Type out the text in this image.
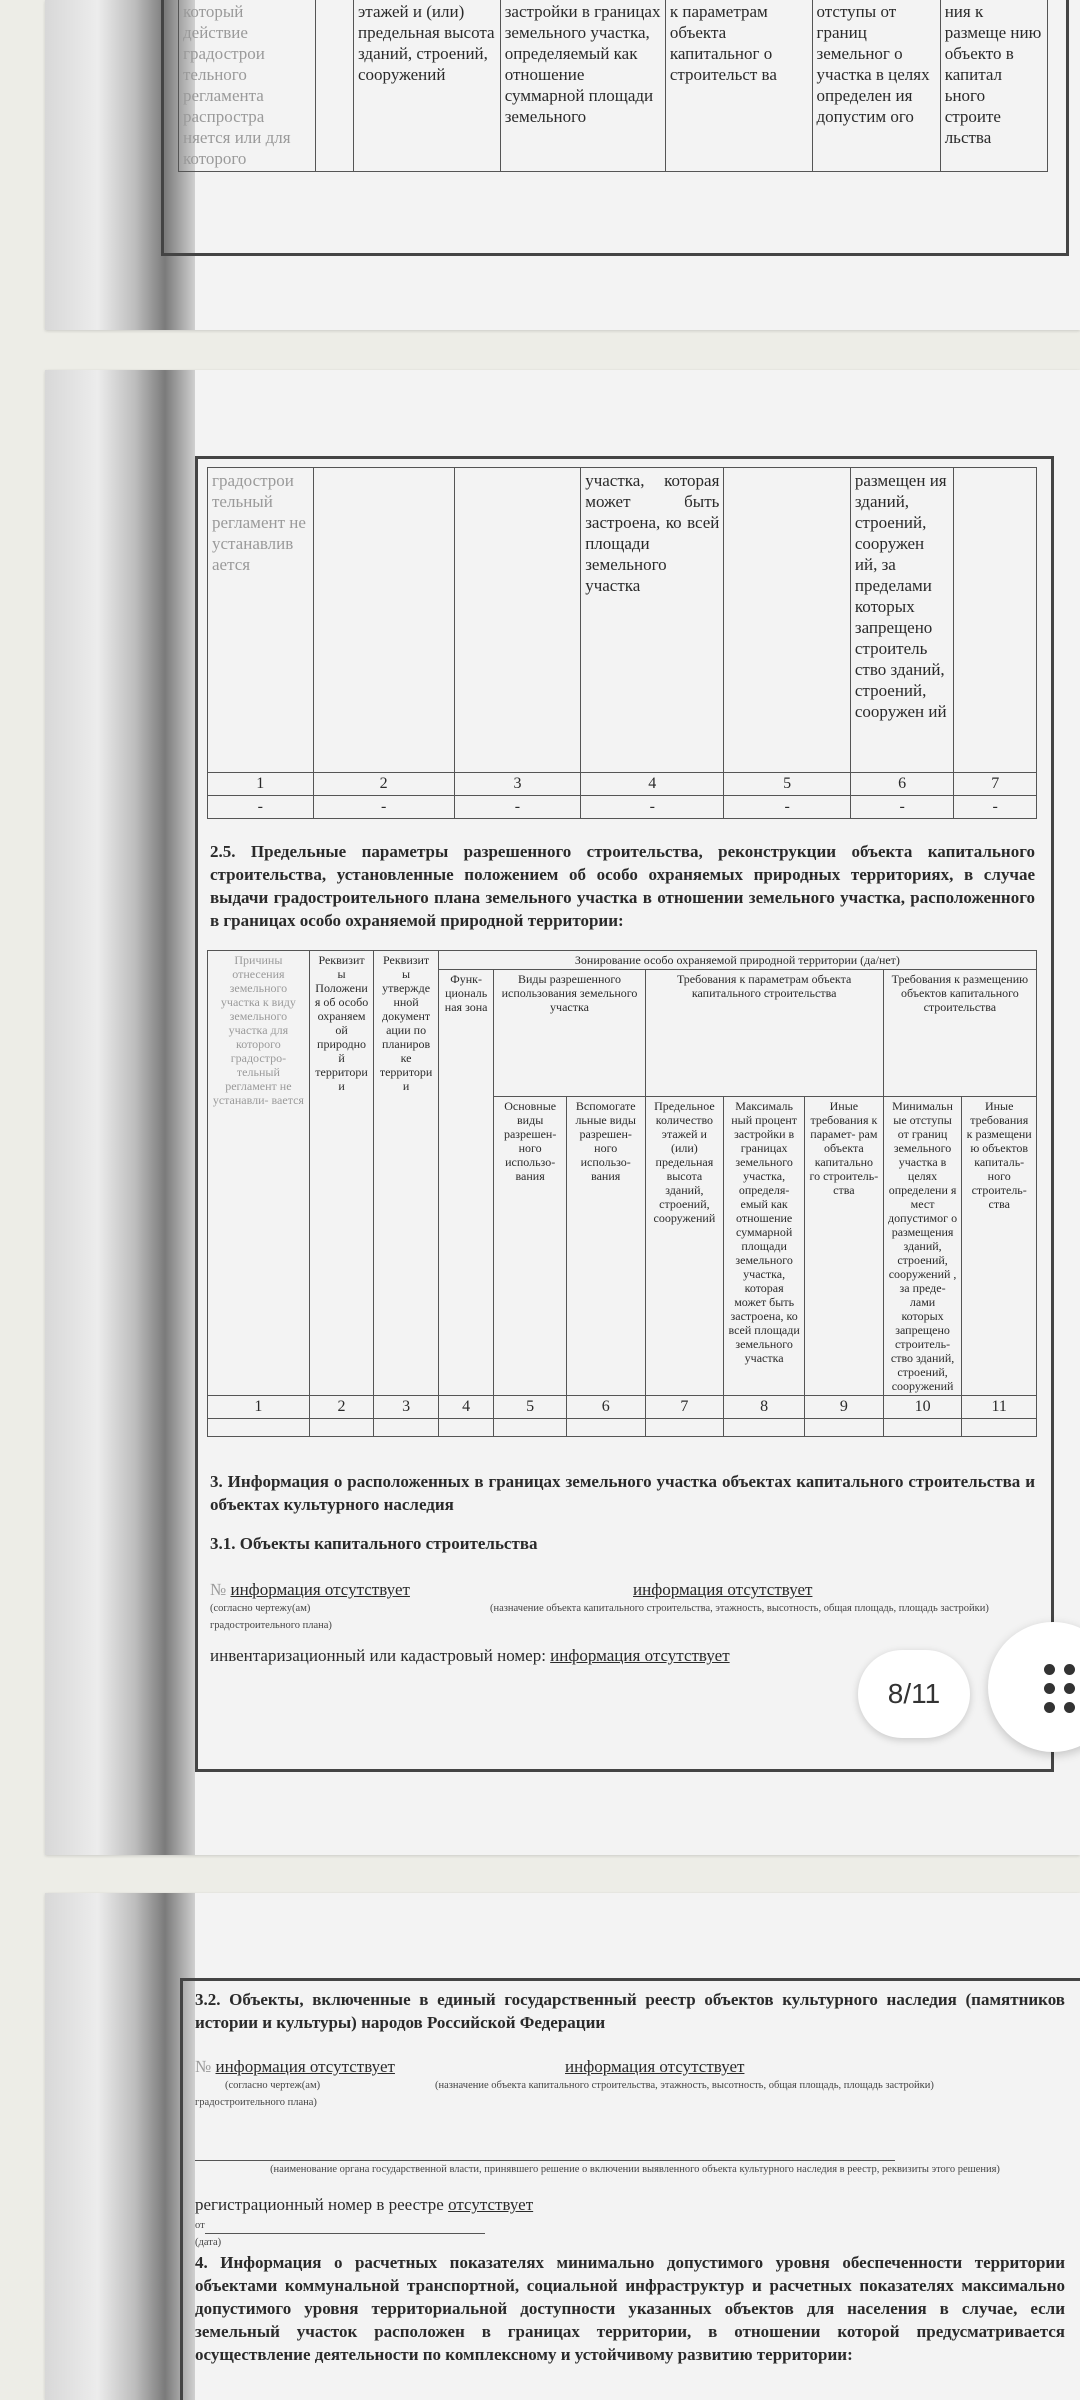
который действие градострои тельного регламента распростра няется или для которого		этажей и (или) предельная высота зданий, строений, сооружений	застройки в границах земельного участка, определяемый как отношение суммарной площади земельного	к параметрам объекта капитальног о строительст ва	отступы от границ земельног о участка в целях определен ия допустим ого	ния к размеще нию объекто в капитал ьного строите льства
градострои тельный регламент не устанавлив ается			участка, которая может быть застроена, ко всей площади земельного участка		размещен ия зданий, строений, сооружен ий, за пределами которых запрещено строитель ство зданий, строений, сооружен ий	
1	2	3	4	5	6	7
-	-	-	-	-	-	-
2.5. Предельные параметры разрешенного строительства, реконструкции объекта капитального строительства, установленные положением об особо охраняемых природных территориях, в случае выдачи градостроительного плана земельного участка в отношении земельного участка, расположенного в границах особо охраняемой природной территории:
Причины отнесения земельного участка к виду земельного участка для которого градостро- тельный регламент не устанавли- вается	Реквизит ы Положени я об особо охраняем ой природно й территори и	Реквизит ы утвержде нной документ ации по планиров ке территори и	Зонирование особо охраняемой природной территории (да/нет)							
			Функ- циональ ная зона	Виды разрешенного использования земельного участка		Требования к параметрам объекта капитального строительства			Требования к размещению объектов капитального строительства	
				Основные виды разрешен- ного использо- вания	Вспомогате льные виды разрешен- ного использо- вания	Предельное количество этажей и (или) предельная высота зданий, строений, сооружений	Максималь ный процент застройки в границах земельного участка, определя- емый как отношение суммарной площади земельного участка, которая может быть застроена, ко всей площади земельного участка	Иные требования к парамет- рам объекта капитально го строитель- ства	Минимальн ые отступы от границ земельного участка в целях определени я мест допустимог о размещения зданий, строений, сооружений , за преде- лами которых запрещено строитель- ство зданий, строений, сооружений	Иные требования к размещени ю объектов капиталь- ного строитель- ства
1	2	3	4	5	6	7	8	9	10	11

3. Информация о расположенных в границах земельного участка объектах капитального строительства и объектах культурного наследия
3.1. Объекты капитального строительства
№ информация отсутствует	информация отсутствует
(согласно чертежу(ам)	(назначение объекта капитального строительства, этажность, высотность, общая площадь, площадь застройки)
градостроительного плана)
инвентаризационный или кадастровый номер: информация отсутствует
3.2. Объекты, включенные в единый государственный реестр объектов культурного наследия (памятников истории и культуры) народов Российской Федерации
№ информация отсутствует	информация отсутствует
(согласно чертеж(ам)	(назначение объекта капитального строительства, этажность, высотность, общая площадь, площадь застройки)
градостроительного плана)
(наименование органа государственной власти, принявшего решение о включении выявленного объекта культурного наследия в реестр, реквизиты этого решения)
регистрационный номер в реестре отсутствует
от
(дата)
4. Информация о расчетных показателях минимально допустимого уровня обеспеченности территории объектами коммунальной транспортной, социальной инфраструктур и расчетных показателях максимально допустимого уровня территориальной доступности указанных объектов для населения в случае, если земельный участок расположен в границах территории, в отношении которой предусматривается осуществление деятельности по комплексному и устойчивому развитию территории:
8/11
